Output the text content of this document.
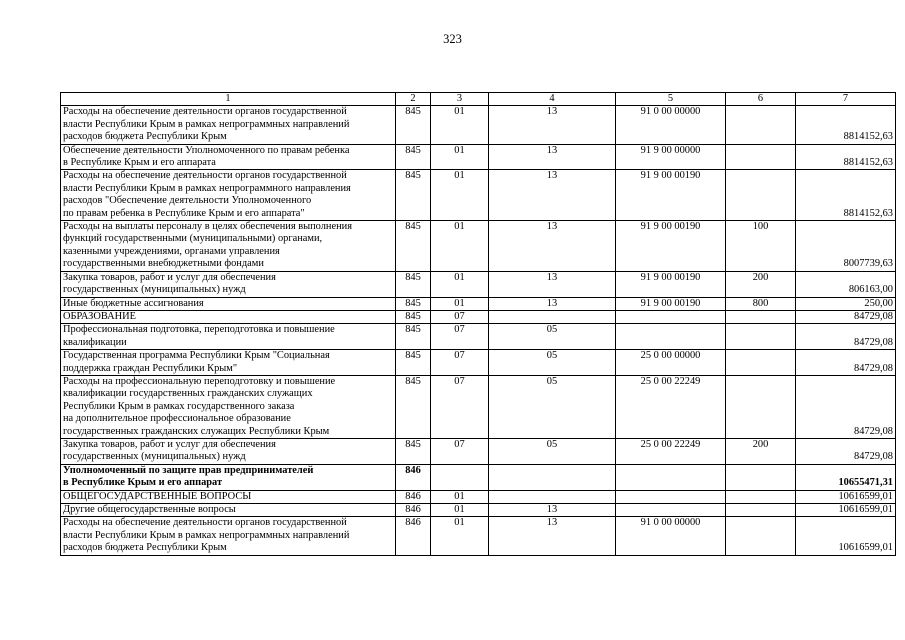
323
1	2	3	4	5	6	7

Расходы на обеспечение деятельности органов государственной
власти Республики Крым в рамках непрограммных направлений
расходов бюджета Республики Крым	845	01	13	91 0 00 00000		8814152,63

Обеспечение деятельности Уполномоченного по правам ребенка
в Республике Крым и его аппарата	845	01	13	91 9 00 00000		8814152,63

Расходы на обеспечение деятельности органов государственной
власти Республики Крым в рамках непрограммного направления
расходов "Обеспечение деятельности Уполномоченного
по правам ребенка в Республике Крым и его аппарата"	845	01	13	91 9 00 00190		8814152,63

Расходы на выплаты персоналу в целях обеспечения выполнения
функций государственными (муниципальными) органами,
казенными учреждениями, органами управления
государственными внебюджетными фондами	845	01	13	91 9 00 00190	100	8007739,63

Закупка товаров, работ и услуг для обеспечения
государственных (муниципальных) нужд	845	01	13	91 9 00 00190	200	806163,00

Иные бюджетные ассигнования	845	01	13	91 9 00 00190	800	250,00

ОБРАЗОВАНИЕ	845	07				84729,08

Профессиональная подготовка, переподготовка и повышение
квалификации	845	07	05			84729,08

Государственная программа Республики Крым "Социальная
поддержка граждан Республики Крым"	845	07	05	25 0 00 00000		84729,08

Расходы на профессиональную переподготовку и повышение
квалификации государственных гражданских служащих
Республики Крым в рамках государственного заказа
на дополнительное профессиональное образование
государственных гражданских служащих Республики Крым	845	07	05	25 0 00 22249		84729,08

Закупка товаров, работ и услуг для обеспечения
государственных (муниципальных) нужд	845	07	05	25 0 00 22249	200	84729,08

Уполномоченный по защите прав предпринимателей
в Республике Крым и его аппарат	846					10655471,31

ОБЩЕГОСУДАРСТВЕННЫЕ ВОПРОСЫ	846	01				10616599,01

Другие общегосударственные вопросы	846	01	13			10616599,01

Расходы на обеспечение деятельности органов государственной
власти Республики Крым в рамках непрограммных направлений
расходов бюджета Республики Крым	846	01	13	91 0 00 00000		10616599,01
